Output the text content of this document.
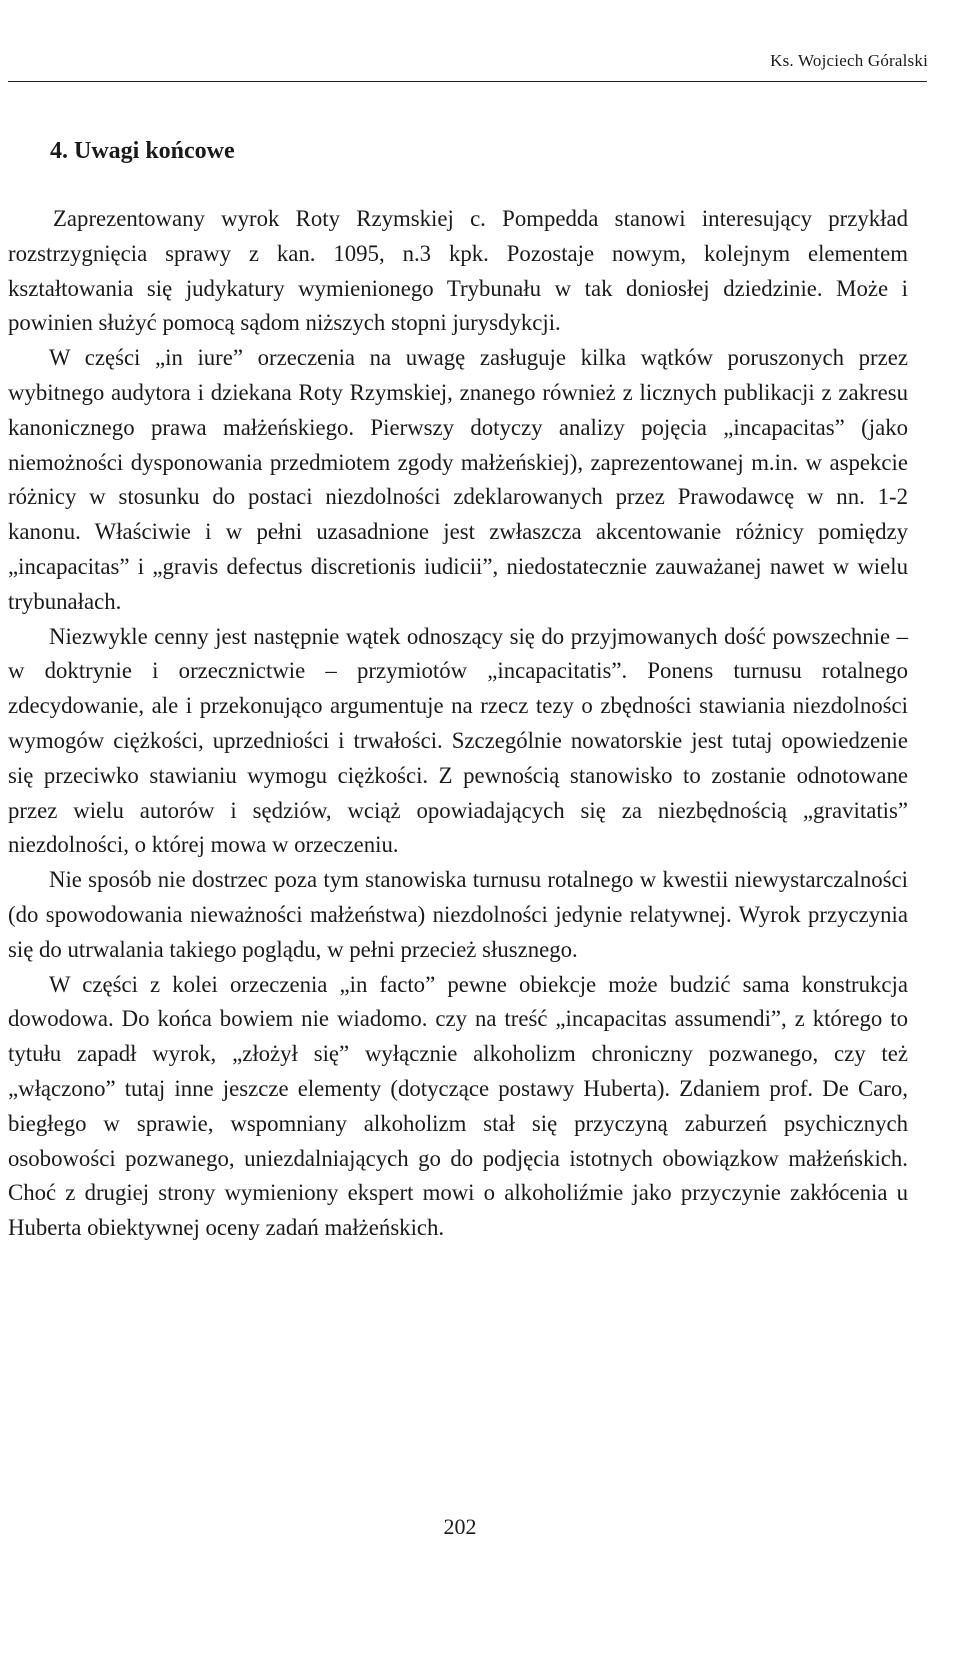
Ks. Wojciech Góralski
4. Uwagi końcowe

Zaprezentowany wyrok Roty Rzymskiej c. Pompedda stanowi interesujący przykład rozstrzygnięcia sprawy z kan. 1095, n.3 kpk. Pozostaje nowym, kolejnym elementem kształtowania się judykatury wymienionego Trybunału w tak doniosłej dziedzinie. Może i powinien służyć pomocą sądom niższych stopni jurysdykcji.

W części „in iure” orzeczenia na uwagę zasługuje kilka wątków poruszonych przez wybitnego audytora i dziekana Roty Rzymskiej, znanego również z licznych publikacji z zakresu kanonicznego prawa małżeńskiego. Pierwszy dotyczy analizy pojęcia „incapacitas” (jako niemożności dysponowania przedmiotem zgody małżeńskiej), zaprezentowanej m.in. w aspekcie różnicy w stosunku do postaci niezdolności zdeklarowanych przez Prawodawcę w nn. 1-2 kanonu. Właściwie i w pełni uzasadnione jest zwłaszcza akcentowanie różnicy pomiędzy „incapacitas” i „gravis defectus discretionis iudicii”, niedostatecznie zauważanej nawet w wielu trybunałach.

Niezwykle cenny jest następnie wątek odnoszący się do przyjmowanych dość powszechnie – w doktrynie i orzecznictwie – przymiotów „incapacitatis”. Ponens turnusu rotalnego zdecydowanie, ale i przekonująco argumentuje na rzecz tezy o zbędności stawiania niezdolności wymogów ciężkości, uprzedniości i trwałości. Szczególnie nowatorskie jest tutaj opowiedzenie się przeciwko stawianiu wymogu ciężkości. Z pewnością stanowisko to zostanie odnotowane przez wielu autorów i sędziów, wciąż opowiadających się za niezbędnością „gravitatis” niezdolności, o której mowa w orzeczeniu.

Nie sposób nie dostrzec poza tym stanowiska turnusu rotalnego w kwestii niewystarczalności (do spowodowania nieważności małżeństwa) niezdolności jedynie relatywnej. Wyrok przyczynia się do utrwalania takiego poglądu, w pełni przecież słusznego.

W części z kolei orzeczenia „in facto” pewne obiekcje może budzić sama konstrukcja dowodowa. Do końca bowiem nie wiadomo. czy na treść „incapacitas assumendi”, z którego to tytułu zapadł wyrok, „złożył się” wyłącznie alkoholizm chroniczny pozwanego, czy też „włączono” tutaj inne jeszcze elementy (dotyczące postawy Huberta). Zdaniem prof. De Caro, biegłego w sprawie, wspomniany alkoholizm stał się przyczyną zaburzeń psychicznych osobowości pozwanego, uniezdalniających go do podjęcia istotnych obowiązkow małżeńskich. Choć z drugiej strony wymieniony ekspert mowi o alkoholiźmie jako przyczynie zakłócenia u Huberta obiektywnej oceny zadań małżeńskich.

202
